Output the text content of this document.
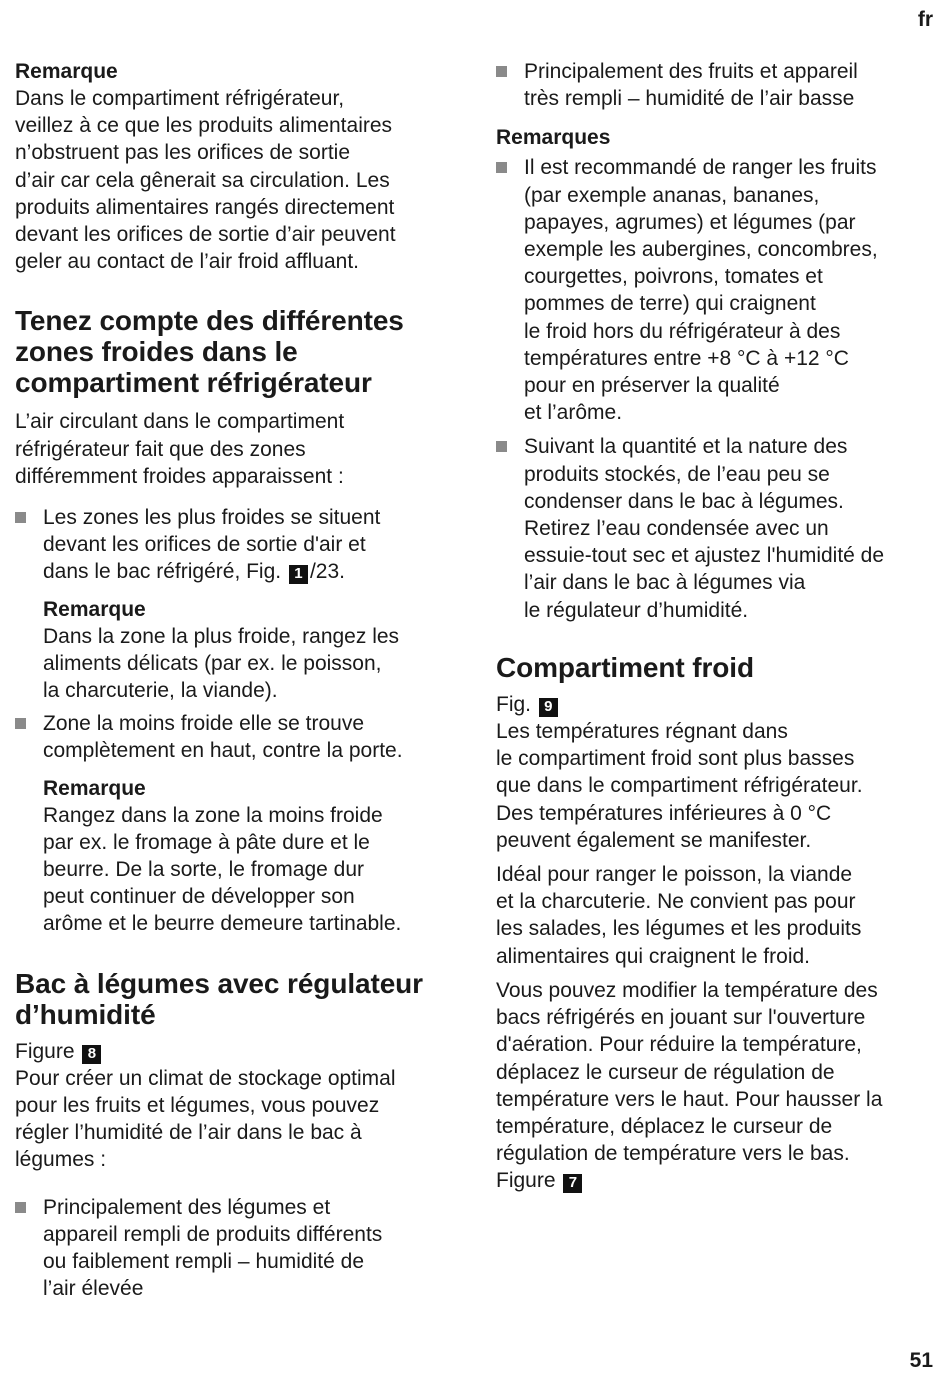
fr

Remarque

Dans le compartiment réfrigérateur,
veillez à ce que les produits alimentaires
n’obstruent pas les orifices de sortie
d’air car cela gênerait sa circulation. Les
produits alimentaires rangés directement
devant les orifices de sortie d’air peuvent
geler au contact de l’air froid affluant.

Tenez compte des différentes
zones froides dans le
compartiment réfrigérateur

L’air circulant dans le compartiment
réfrigérateur fait que des zones
différemment froides apparaissent :

Les zones les plus froides se situent
devant les orifices de sortie d'air et
dans le bac réfrigéré, Fig. 1 /23.

Remarque

Dans la zone la plus froide, rangez les
aliments délicats (par ex. le poisson,
la charcuterie, la viande).

Zone la moins froide elle se trouve
complètement en haut, contre la porte.

Remarque

Rangez dans la zone la moins froide
par ex. le fromage à pâte dure et le
beurre. De la sorte, le fromage dur
peut continuer de développer son
arôme et le beurre demeure tartinable.

Bac à légumes avec régulateur
d’humidité

Figure 8

Pour créer un climat de stockage optimal
pour les fruits et légumes, vous pouvez
régler l’humidité de l’air dans le bac à
légumes :

Principalement des légumes et
appareil rempli de produits différents
ou faiblement rempli – humidité de
l’air élevée

Principalement des fruits et appareil
très rempli – humidité de l’air basse

Remarques

Il est recommandé de ranger les fruits
(par exemple ananas, bananes,
papayes, agrumes) et légumes (par
exemple les aubergines, concombres,
courgettes, poivrons, tomates et
pommes de terre) qui craignent
le froid hors du réfrigérateur à des
températures entre +8 °C à +12 °C
pour en préserver la qualité
et l’arôme.

Suivant la quantité et la nature des
produits stockés, de l’eau peu se
condenser dans le bac à légumes.
Retirez l’eau condensée avec un
essuie-tout sec et ajustez l'humidité de
l’air dans le bac à légumes via
le régulateur d’humidité.

Compartiment froid

Fig. 9

Les températures régnant dans
le compartiment froid sont plus basses
que dans le compartiment réfrigérateur.
Des températures inférieures à 0 °C
peuvent également se manifester.

Idéal pour ranger le poisson, la viande
et la charcuterie. Ne convient pas pour
les salades, les légumes et les produits
alimentaires qui craignent le froid.

Vous pouvez modifier la température des
bacs réfrigérés en jouant sur l'ouverture
d'aération. Pour réduire la température,
déplacez le curseur de régulation de
température vers le haut. Pour hausser la
température, déplacez le curseur de
régulation de température vers le bas.
Figure 7

51
